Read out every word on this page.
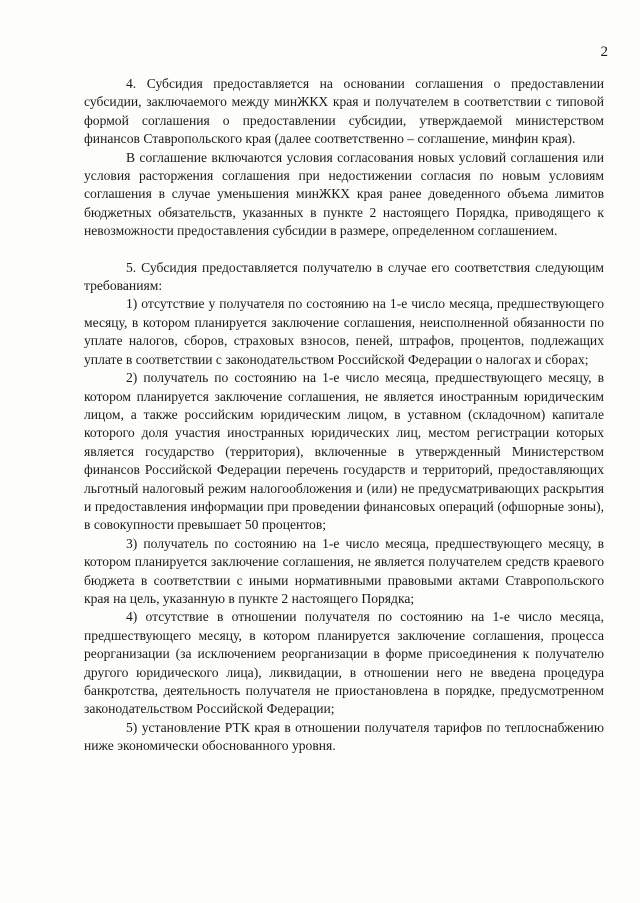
2

4. Субсидия предоставляется на основании соглашения о предоставлении субсидии, заключаемого между минЖКХ края и получателем в соответствии с типовой формой соглашения о предоставлении субсидии, утверждаемой министерством финансов Ставропольского края (далее соответственно – соглашение, минфин края).

В соглашение включаются условия согласования новых условий соглашения или условия расторжения соглашения при недостижении согласия по новым условиям соглашения в случае уменьшения минЖКХ края ранее доведенного объема лимитов бюджетных обязательств, указанных в пункте 2 настоящего Порядка, приводящего к невозможности предоставления субсидии в размере, определенном соглашением.

5. Субсидия предоставляется получателю в случае его соответствия следующим требованиям:

1) отсутствие у получателя по состоянию на 1-е число месяца, предшествующего месяцу, в котором планируется заключение соглашения, неисполненной обязанности по уплате налогов, сборов, страховых взносов, пеней, штрафов, процентов, подлежащих уплате в соответствии с законодательством Российской Федерации о налогах и сборах;

2) получатель по состоянию на 1-е число месяца, предшествующего месяцу, в котором планируется заключение соглашения, не является иностранным юридическим лицом, а также российским юридическим лицом, в уставном (складочном) капитале которого доля участия иностранных юридических лиц, местом регистрации которых является государство (территория), включенные в утвержденный Министерством финансов Российской Федерации перечень государств и территорий, предоставляющих льготный налоговый режим налогообложения и (или) не предусматривающих раскрытия и предоставления информации при проведении финансовых операций (офшорные зоны), в совокупности превышает 50 процентов;

3) получатель по состоянию на 1-е число месяца, предшествующего месяцу, в котором планируется заключение соглашения, не является получателем средств краевого бюджета в соответствии с иными нормативными правовыми актами Ставропольского края на цель, указанную в пункте 2 настоящего Порядка;

4) отсутствие в отношении получателя по состоянию на 1-е число месяца, предшествующего месяцу, в котором планируется заключение соглашения, процесса реорганизации (за исключением реорганизации в форме присоединения к получателю другого юридического лица), ликвидации, в отношении него не введена процедура банкротства, деятельность получателя не приостановлена в порядке, предусмотренном законодательством Российской Федерации;

5) установление РТК края в отношении получателя тарифов по теплоснабжению ниже экономически обоснованного уровня.
